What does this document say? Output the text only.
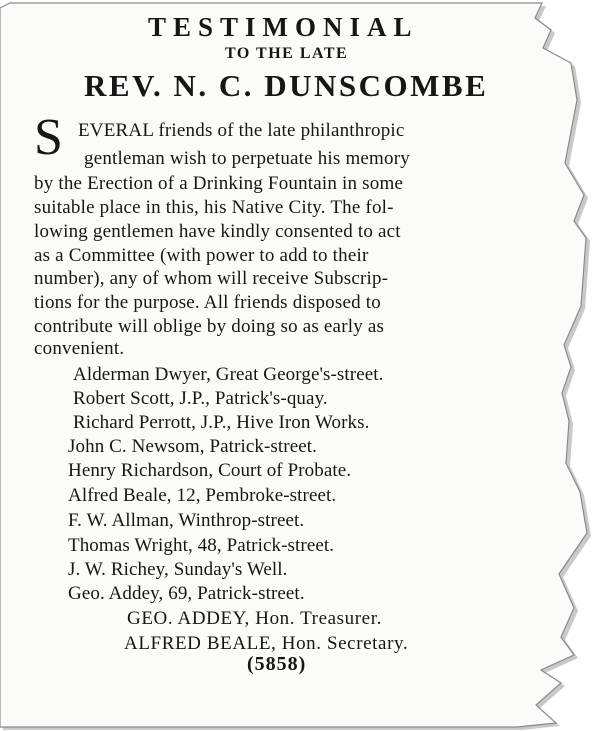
TESTIMONIAL
TO THE LATE
REV. N. C. DUNSCOMBE
S EVERAL friends of the late philanthropic
gentleman wish to perpetuate his memory
by the Erection of a Drinking Fountain in some
suitable place in this, his Native City. The fol-
lowing gentlemen have kindly consented to act
as a Committee (with power to add to their
number), any of whom will receive Subscrip-
tions for the purpose. All friends disposed to
contribute will oblige by doing so as early as
convenient.
Alderman Dwyer, Great George's-street.
Robert Scott, J.P., Patrick's-quay.
Richard Perrott, J.P., Hive Iron Works.
John C. Newsom, Patrick-street.
Henry Richardson, Court of Probate.
Alfred Beale, 12, Pembroke-street.
F. W. Allman, Winthrop-street.
Thomas Wright, 48, Patrick-street.
J. W. Richey, Sunday's Well.
Geo. Addey, 69, Patrick-street.
GEO. ADDEY, Hon. Treasurer.
ALFRED BEALE, Hon. Secretary.
(5858)
